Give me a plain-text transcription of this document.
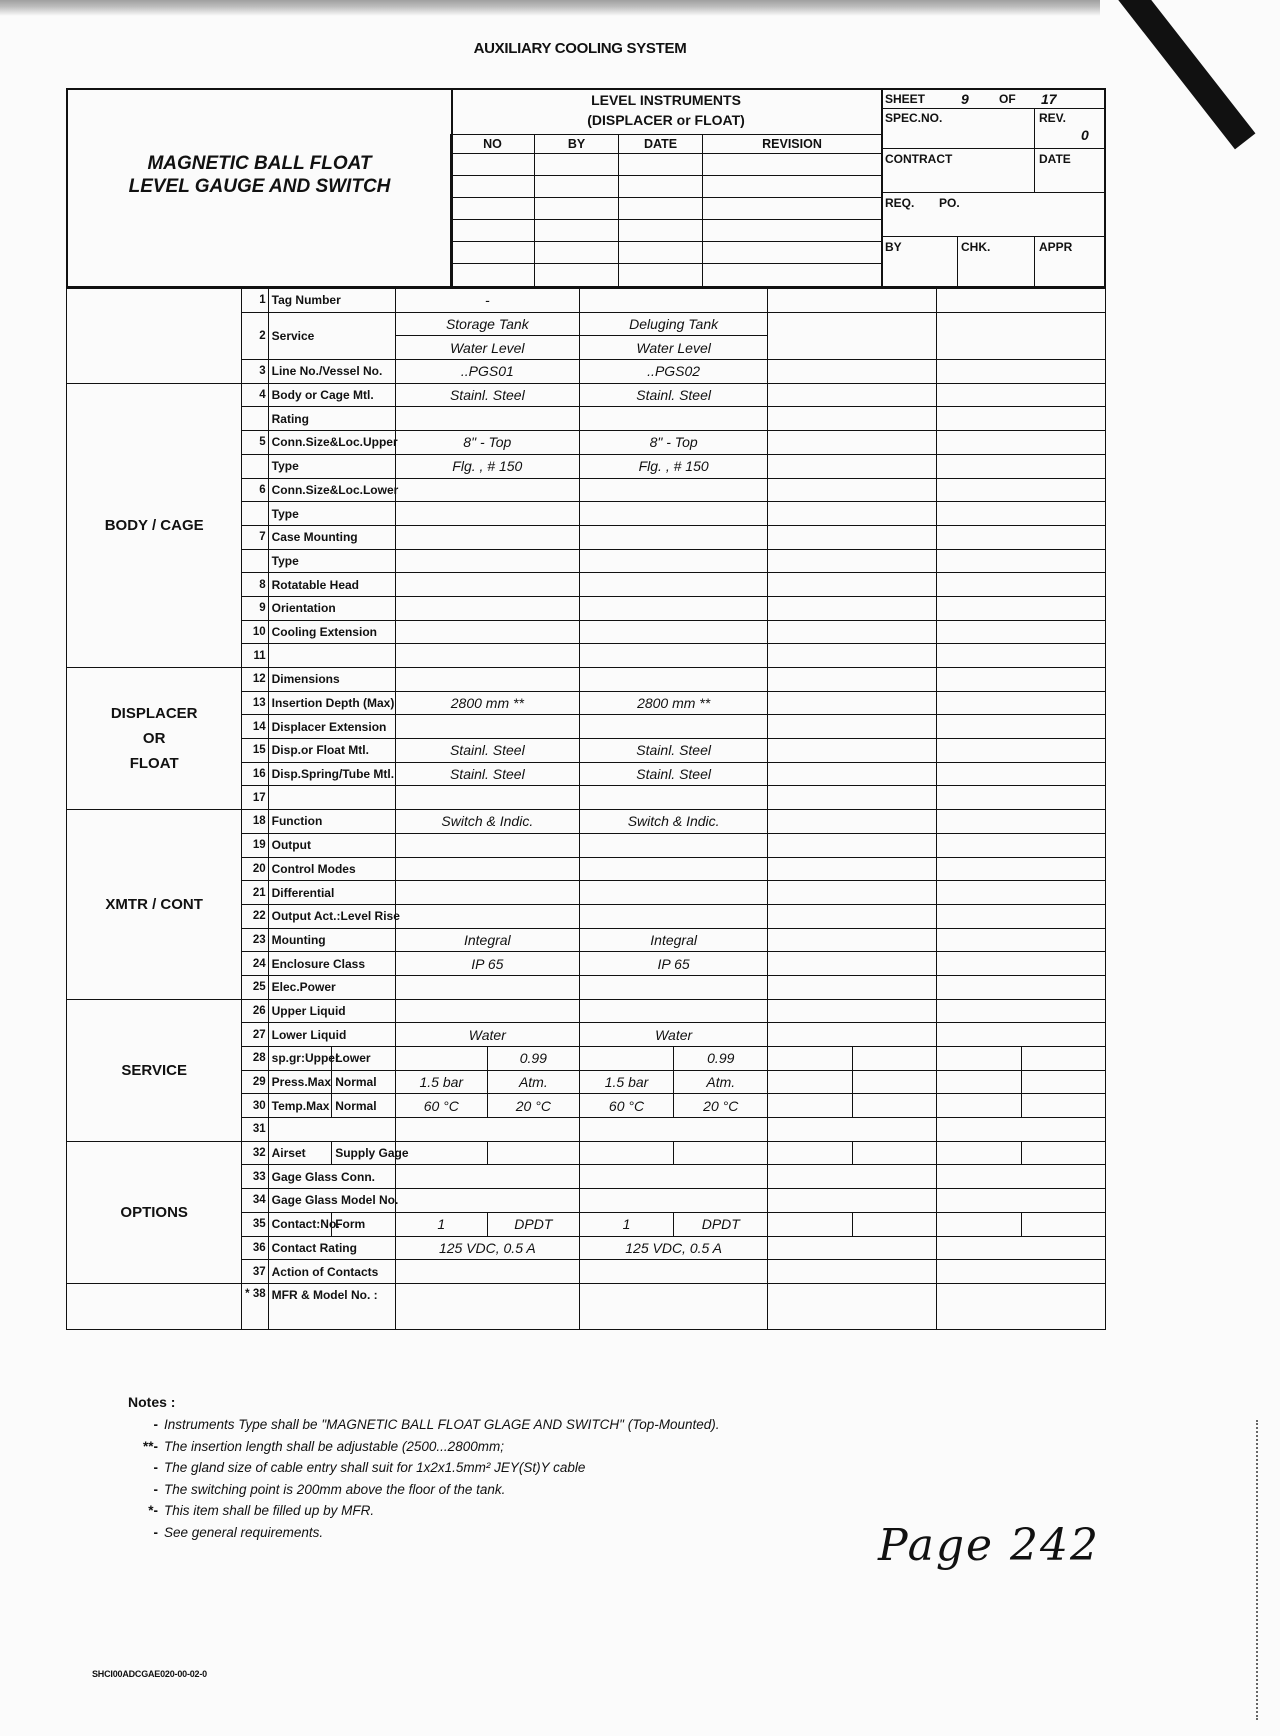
AUXILIARY COOLING SYSTEM
MAGNETIC BALL FLOAT
LEVEL GAUGE AND SWITCH
LEVEL INSTRUMENTS
(DISPLACER or FLOAT)
NO	BY	DATE	REVISION

SHEET	9	OF 17
SPEC.NO.	REV.
0
CONTRACT	DATE
REQ. PO.
BY	CHK.	APPR
	1	Tag Number		-							
	2	Service		Storage Tank		Deluging Tank					
				Water Level		Water Level					
	3	Line No./Vessel No.		..PGS01		..PGS02					
BODY / CAGE	4	Body or Cage Mtl.		Stainl. Steel		Stainl. Steel					
		Rating									
	5	Conn.Size&Loc.Upper		8" - Top		8" - Top					
		Type		Flg. , # 150		Flg. , # 150					
	6	Conn.Size&Loc.Lower									
		Type									
	7	Case Mounting									
		Type									
	8	Rotatable Head									
	9	Orientation									
	10	Cooling Extension									
	11										

DISPLACER
OR
FLOAT	12	Dimensions									
	13	Insertion Depth (Max)		2800 mm **		2800 mm **					
	14	Displacer Extension									
	15	Disp.or Float Mtl.		Stainl. Steel		Stainl. Steel					
	16	Disp.Spring/Tube Mtl.		Stainl. Steel		Stainl. Steel					
	17										
XMTR / CONT	18	Function		Switch & Indic.		Switch & Indic.					
	19	Output									
	20	Control Modes									
	21	Differential									
	22	Output Act.:Level Rise									
	23	Mounting		Integral		Integral					
	24	Enclosure Class		IP 65		IP 65					
	25	Elec.Power									
SERVICE	26	Upper Liquid									
	27	Lower Liquid		Water		Water					
	28	sp.gr:Upper	Lower		0.99		0.99				
	29	Press.Max	Normal	1.5 bar	Atm.	1.5 bar	Atm.				
	30	Temp.Max	Normal	60 °C	20 °C	60 °C	20 °C				
	31										
OPTIONS	32	Airset	Supply Gage								
	33	Gage Glass Conn.									
	34	Gage Glass Model No.									
	35	Contact:No.	Form	1	DPDT	1	DPDT				
	36	Contact Rating		125 VDC, 0.5 A		125 VDC, 0.5 A					
	37	Action of Contacts									
	* 38	MFR & Model No. :									
Notes :
- Instruments Type shall be "MAGNETIC BALL FLOAT GLAGE AND SWITCH" (Top-Mounted).
**- The insertion length shall be adjustable (2500...2800mm;
- The gland size of cable entry shall suit for 1x2x1.5mm² JEY(St)Y cable
- The switching point is 200mm above the floor of the tank.
*- This item shall be filled up by MFR.
- See general requirements.	Page 242
SHCI00ADCGAE020-00-02-0
